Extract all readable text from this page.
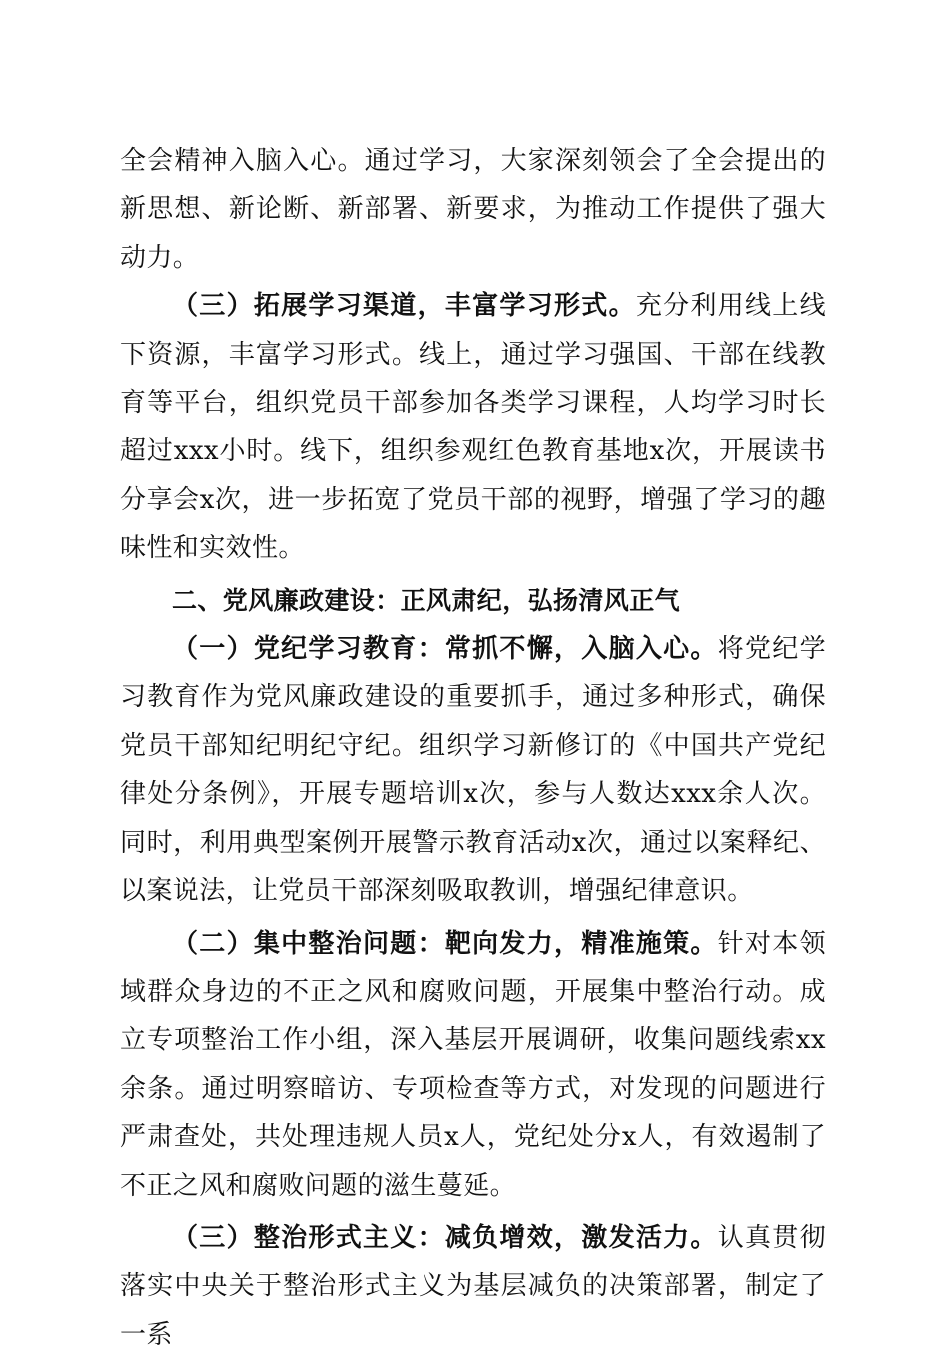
全会精神入脑入心。通过学习，大家深刻领会了全会提出的新思想、新论断、新部署、新要求，为推动工作提供了强大动力。

（三）拓展学习渠道，丰富学习形式。充分利用线上线下资源，丰富学习形式。线上，通过学习强国、干部在线教育等平台，组织党员干部参加各类学习课程，人均学习时长超过xxx小时。线下，组织参观红色教育基地x次，开展读书分享会x次，进一步拓宽了党员干部的视野，增强了学习的趣味性和实效性。

二、党风廉政建设：正风肃纪，弘扬清风正气

（一）党纪学习教育：常抓不懈，入脑入心。将党纪学习教育作为党风廉政建设的重要抓手，通过多种形式，确保党员干部知纪明纪守纪。组织学习新修订的《中国共产党纪律处分条例》，开展专题培训x次，参与人数达xxx余人次。同时，利用典型案例开展警示教育活动x次，通过以案释纪、以案说法，让党员干部深刻吸取教训，增强纪律意识。

（二）集中整治问题：靶向发力，精准施策。针对本领域群众身边的不正之风和腐败问题，开展集中整治行动。成立专项整治工作小组，深入基层开展调研，收集问题线索xx余条。通过明察暗访、专项检查等方式，对发现的问题进行严肃查处，共处理违规人员x人，党纪处分x人，有效遏制了不正之风和腐败问题的滋生蔓延。

（三）整治形式主义：减负增效，激发活力。认真贯彻落实中央关于整治形式主义为基层减负的决策部署，制定了一系
